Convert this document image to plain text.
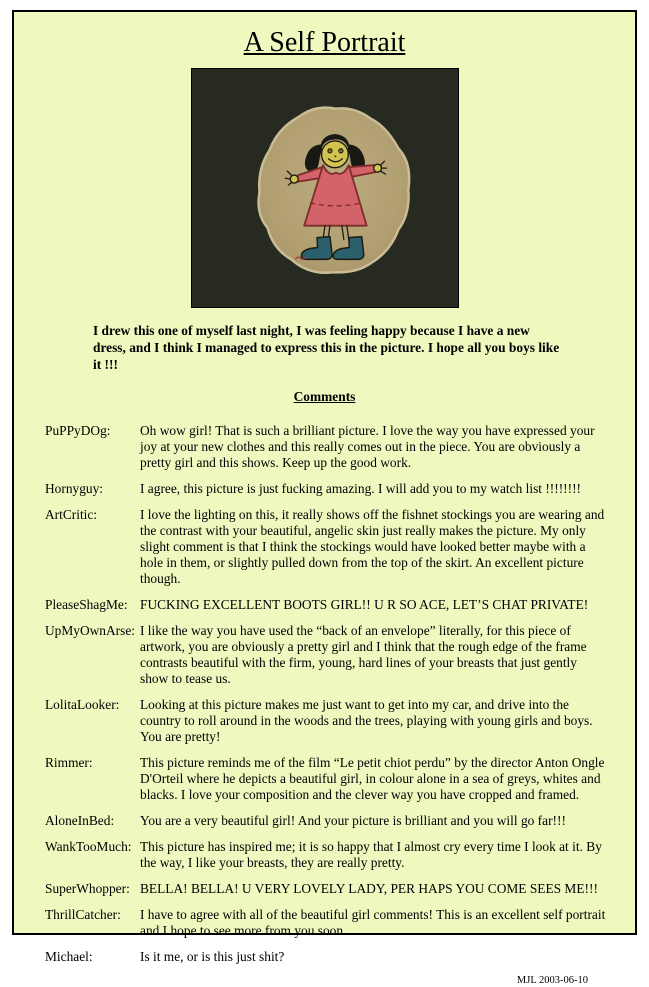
A Self Portrait

I drew this one of myself last night, I was feeling happy because I have a new dress, and I think I managed to express this in the picture. I hope all you boys like it !!!

Comments
PuPPyDOg:	Oh wow girl! That is such a brilliant picture. I love the way you have expressed your joy at your new clothes and this really comes out in the piece. You are obviously a pretty girl and this shows. Keep up the good work.
Hornyguy:	I agree, this picture is just fucking amazing. I will add you to my watch list !!!!!!!!
ArtCritic:	I love the lighting on this, it really shows off the fishnet stockings you are wearing and the contrast with your beautiful, angelic skin just really makes the picture. My only slight comment is that I think the stockings would have looked better maybe with a hole in them, or slightly pulled down from the top of the skirt. An excellent picture though.
PleaseShagMe: FUCKING EXCELLENT BOOTS GIRL!! U R SO ACE, LET’S CHAT PRIVATE!
UpMyOwnArse: I like the way you have used the “back of an envelope” literally, for this piece of artwork, you are obviously a pretty girl and I think that the rough edge of the frame contrasts beautiful with the firm, young, hard lines of your breasts that just gently show to tease us.
LolitaLooker:	Looking at this picture makes me just want to get into my car, and drive into the country to roll around in the woods and the trees, playing with young girls and boys. You are pretty!
Rimmer:	This picture reminds me of the film “Le petit chiot perdu” by the director Anton Ongle D'Orteil where he depicts a beautiful girl, in colour alone in a sea of greys, whites and blacks. I love your composition and the clever way you have cropped and framed.
AloneInBed:	You are a very beautiful girl! And your picture is brilliant and you will go far!!!
WankTooMuch: This picture has inspired me; it is so happy that I almost cry every time I look at it. By the way, I like your breasts, they are really pretty.
SuperWhopper: BELLA! BELLA! U VERY LOVELY LADY, PER HAPS YOU COME SEES ME!!!
ThrillCatcher:	I have to agree with all of the beautiful girl comments! This is an excellent self portrait and I hope to see more from you soon.
Michael:	Is it me, or is this just shit?
MJL 2003-06-10
